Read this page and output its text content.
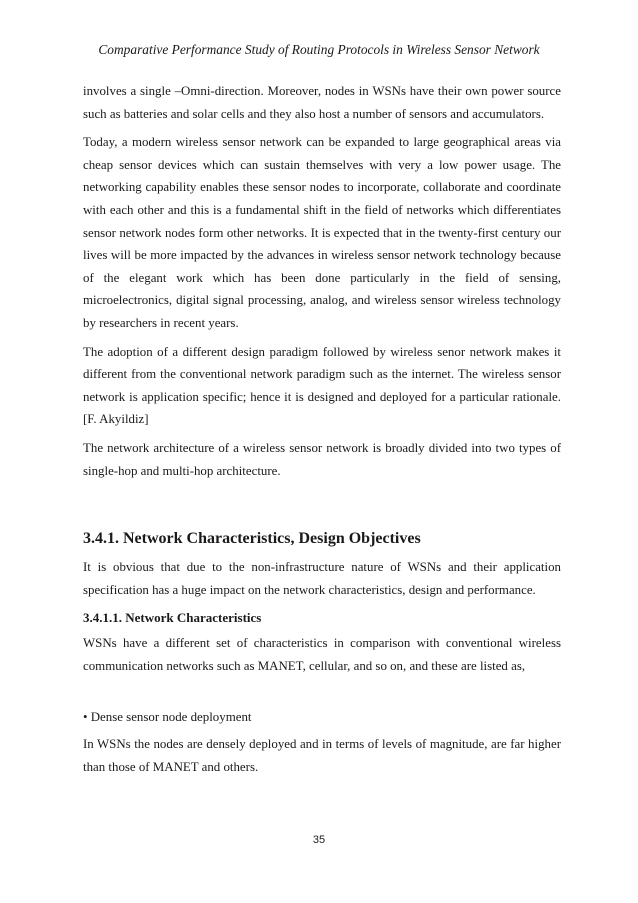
Comparative Performance Study of Routing Protocols in Wireless Sensor Network

involves a single –Omni-direction. Moreover, nodes in WSNs have their own power source such as batteries and solar cells and they also host a number of sensors and accumulators.

Today, a modern wireless sensor network can be expanded to large geographical areas via cheap sensor devices which can sustain themselves with very a low power usage. The networking capability enables these sensor nodes to incorporate, collaborate and coordinate with each other and this is a fundamental shift in the field of networks which differentiates sensor network nodes form other networks. It is expected that in the twenty-first century our lives will be more impacted by the advances in wireless sensor network technology because of the elegant work which has been done particularly in the field of sensing, microelectronics, digital signal processing, analog, and wireless sensor wireless technology by researchers in recent years.

The adoption of a different design paradigm followed by wireless senor network makes it different from the conventional network paradigm such as the internet. The wireless sensor network is application specific; hence it is designed and deployed for a particular rationale. [F. Akyildiz]

The network architecture of a wireless sensor network is broadly divided into two types of single-hop and multi-hop architecture.

3.4.1. Network Characteristics, Design Objectives

It is obvious that due to the non-infrastructure nature of WSNs and their application specification has a huge impact on the network characteristics, design and performance.

3.4.1.1. Network Characteristics

WSNs have a different set of characteristics in comparison with conventional wireless communication networks such as MANET, cellular, and so on, and these are listed as,

• Dense sensor node deployment

In WSNs the nodes are densely deployed and in terms of levels of magnitude, are far higher than those of MANET and others.

35
